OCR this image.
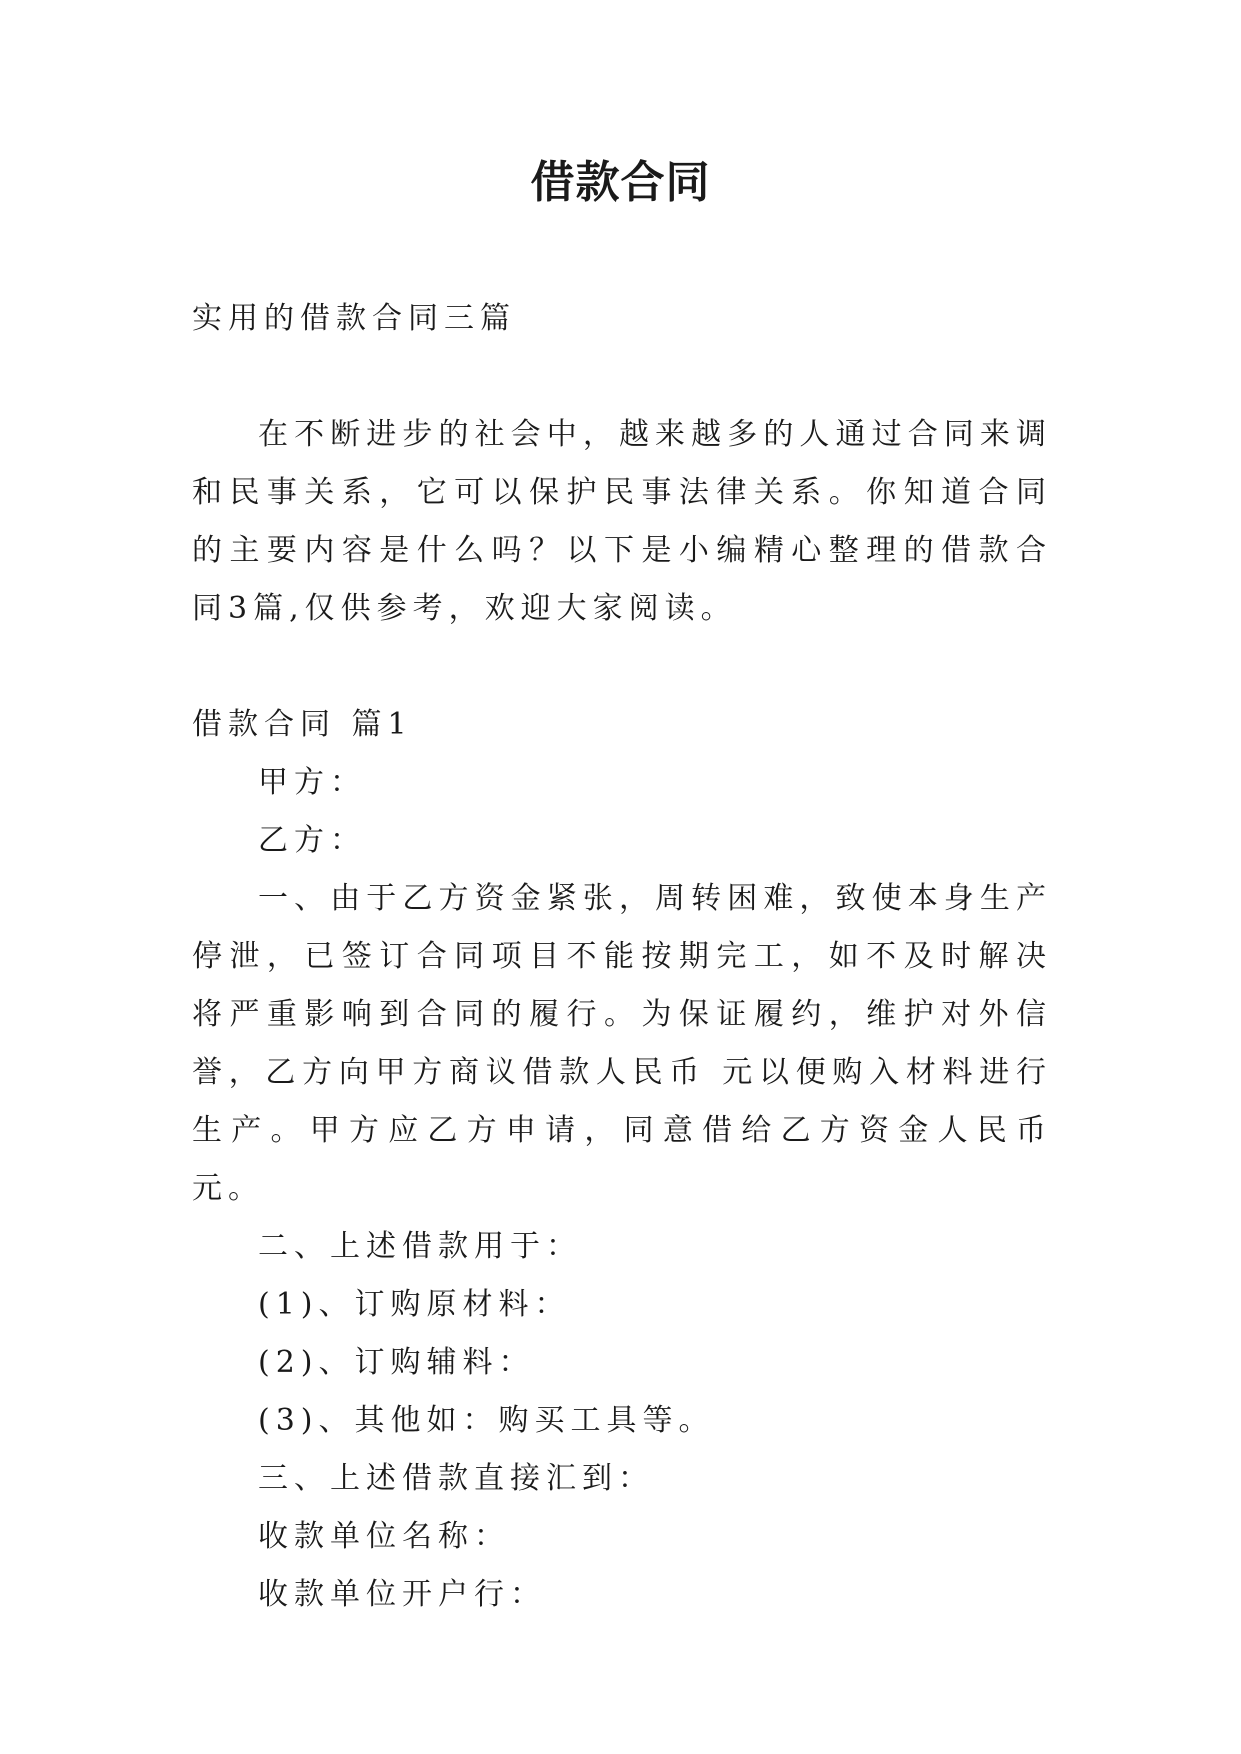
借款合同
实用的借款合同三篇
在不断进步的社会中，越来越多的人通过合同来调和民事关系，它可以保护民事法律关系。你知道合同的主要内容是什么吗？以下是小编精心整理的借款合同3篇,仅供参考，欢迎大家阅读。
借款合同 篇1
甲方：
乙方：
一、由于乙方资金紧张，周转困难，致使本身生产停泄，已签订合同项目不能按期完工，如不及时解决将严重影响到合同的履行。为保证履约，维护对外信誉，乙方向甲方商议借款人民币 元以便购入材料进行生产。甲方应乙方申请，同意借给乙方资金人民币 元。
二、上述借款用于：
(1)、订购原材料：
(2)、订购辅料：
(3)、其他如：购买工具等。
三、上述借款直接汇到：
收款单位名称：
收款单位开户行：
